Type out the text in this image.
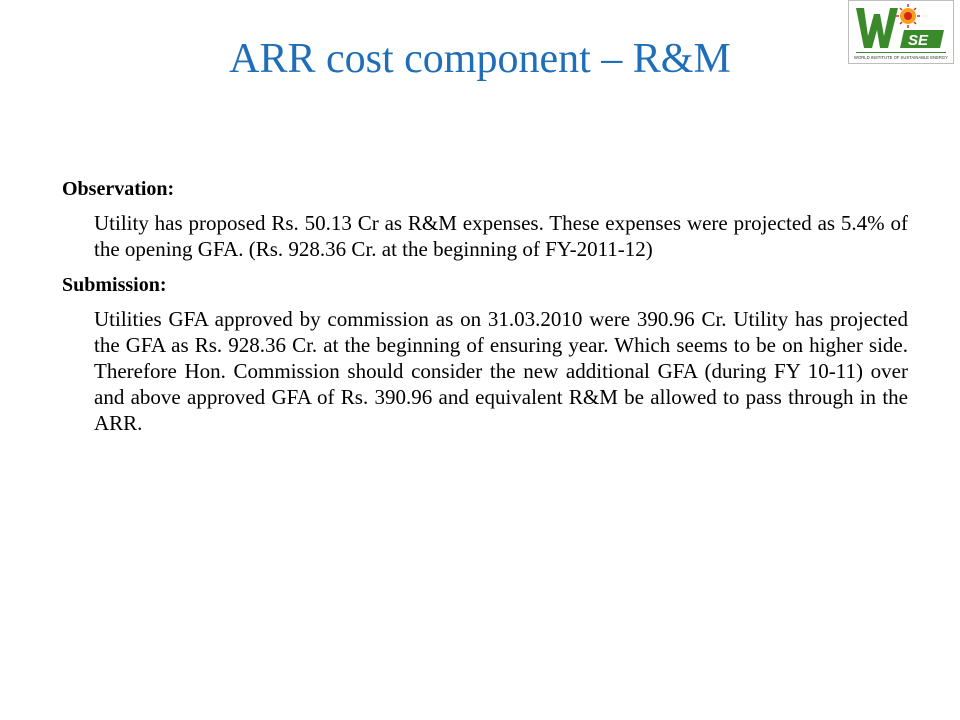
ARR cost component – R&M	SE
WORLD INSTITUTE OF SUSTAINABLE ENERGY

Observation:

Utility has proposed Rs. 50.13 Cr as R&M expenses. These expenses were projected as 5.4% of the opening GFA. (Rs. 928.36 Cr. at the beginning of FY-2011-12)

Submission:

Utilities GFA approved by commission as on 31.03.2010 were 390.96 Cr. Utility has projected the GFA as Rs. 928.36 Cr. at the beginning of ensuring year. Which seems to be on higher side. Therefore Hon. Commission should consider the new additional GFA (during FY 10-11) over and above approved GFA of Rs. 390.96 and equivalent R&M be allowed to pass through in the ARR.
